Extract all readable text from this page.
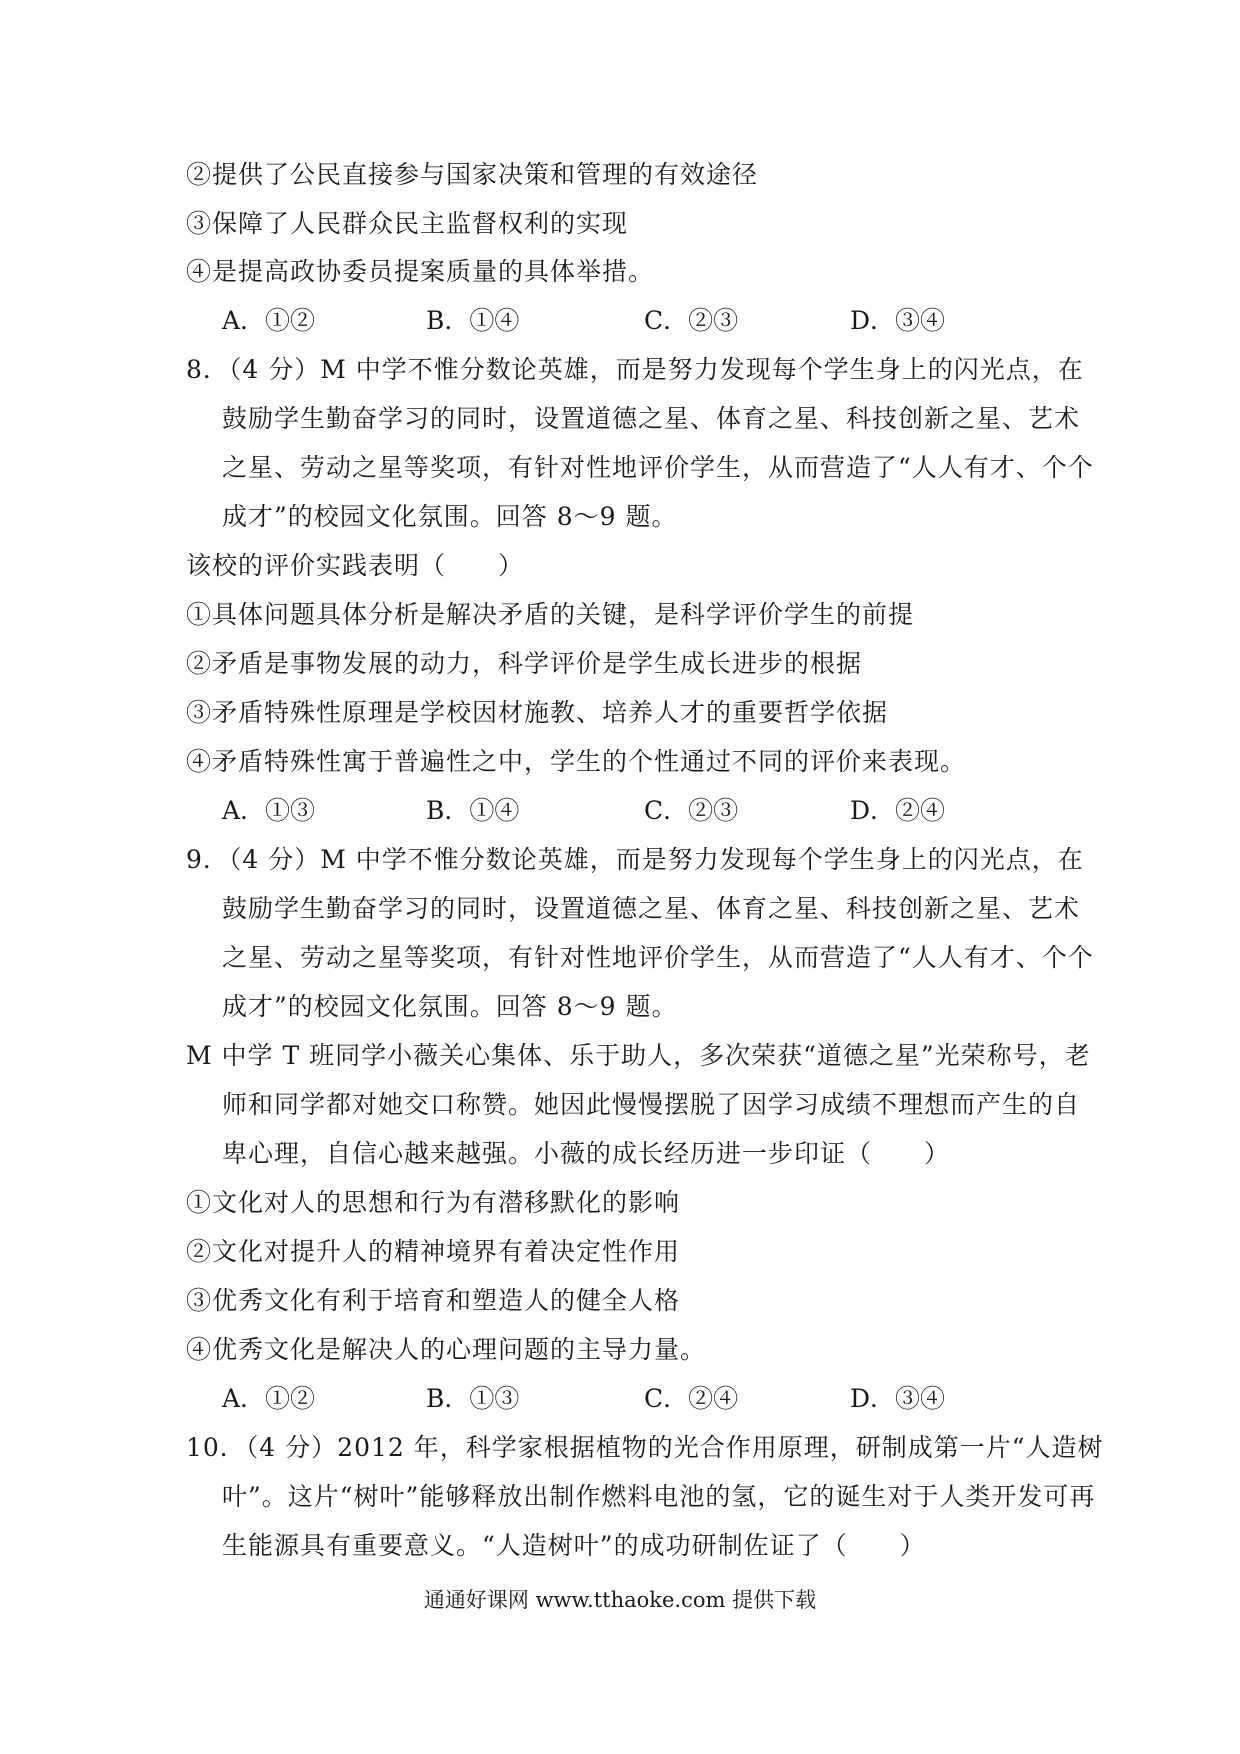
②提供了公民直接参与国家决策和管理的有效途径
③保障了人民群众民主监督权利的实现
④是提高政协委员提案质量的具体举措。
A．①②	B．①④	C．②③	D．③④
8．（4 分）M 中学不惟分数论英雄，而是努力发现每个学生身上的闪光点，在
鼓励学生勤奋学习的同时，设置道德之星、体育之星、科技创新之星、艺术
之星、劳动之星等奖项，有针对性地评价学生，从而营造了“人人有才、个个
成才”的校园文化氛围。回答 8～9 题。
该校的评价实践表明（　　）
①具体问题具体分析是解决矛盾的关键，是科学评价学生的前提
②矛盾是事物发展的动力，科学评价是学生成长进步的根据
③矛盾特殊性原理是学校因材施教、培养人才的重要哲学依据
④矛盾特殊性寓于普遍性之中，学生的个性通过不同的评价来表现。
A．①③	B．①④	C．②③	D．②④
9．（4 分）M 中学不惟分数论英雄，而是努力发现每个学生身上的闪光点，在
鼓励学生勤奋学习的同时，设置道德之星、体育之星、科技创新之星、艺术
之星、劳动之星等奖项，有针对性地评价学生，从而营造了“人人有才、个个
成才”的校园文化氛围。回答 8～9 题。
M 中学 T 班同学小薇关心集体、乐于助人，多次荣获“道德之星”光荣称号，老
师和同学都对她交口称赞。她因此慢慢摆脱了因学习成绩不理想而产生的自
卑心理，自信心越来越强。小薇的成长经历进一步印证（　　）
①文化对人的思想和行为有潜移默化的影响
②文化对提升人的精神境界有着决定性作用
③优秀文化有利于培育和塑造人的健全人格
④优秀文化是解决人的心理问题的主导力量。
A．①②	B．①③	C．②④	D．③④
10．（4 分）2012 年，科学家根据植物的光合作用原理，研制成第一片“人造树
叶”。这片“树叶”能够释放出制作燃料电池的氢，它的诞生对于人类开发可再
生能源具有重要意义。“人造树叶”的成功研制佐证了（　　）
通通好课网 www.tthaoke.com 提供下载
